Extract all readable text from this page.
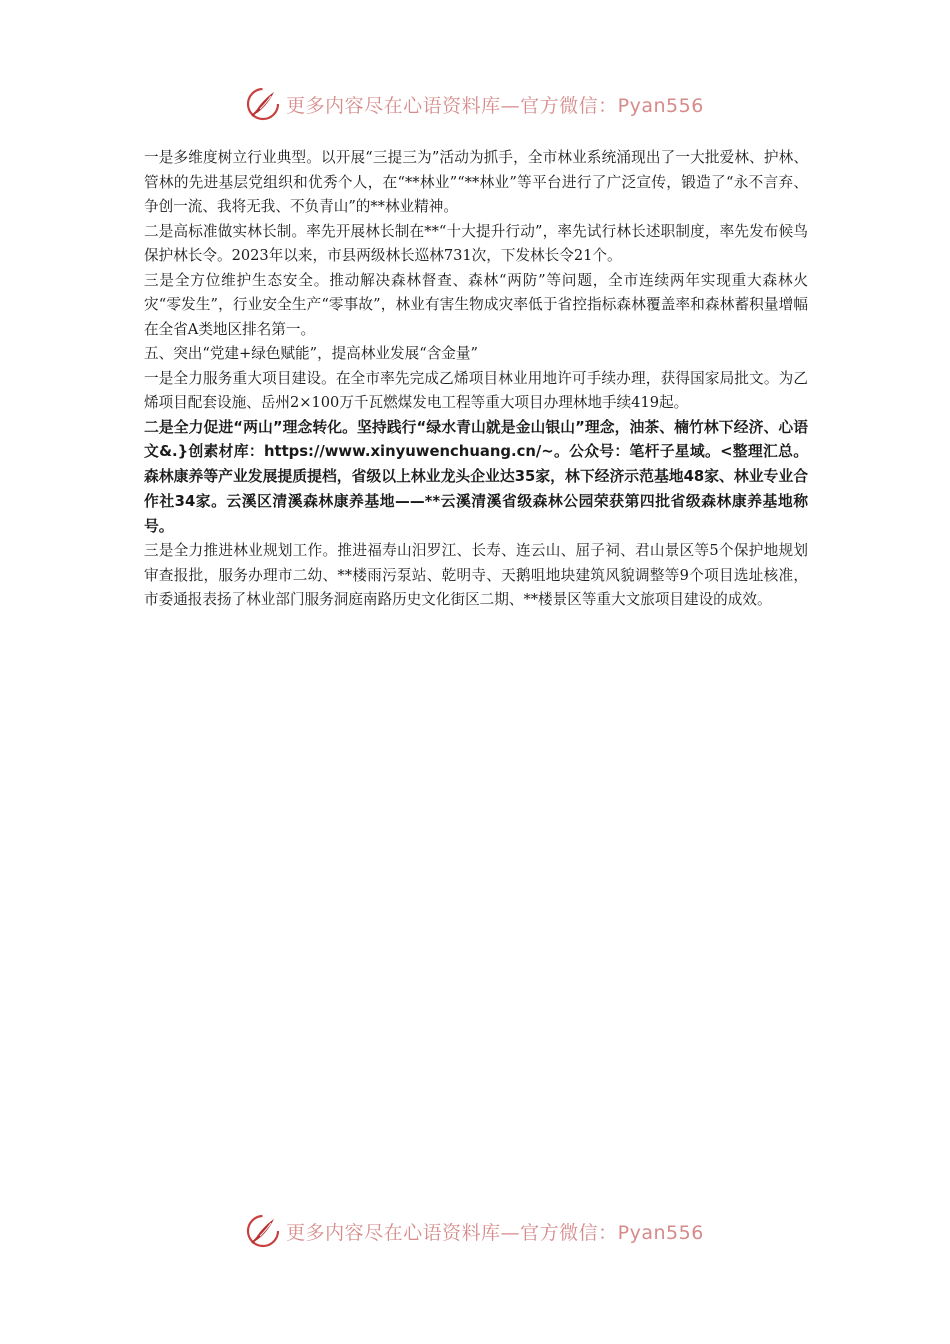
更多内容尽在心语资料库—官方微信：Pyan556

一是多维度树立行业典型。以开展“三提三为”活动为抓手，全市林业系统涌现出了一大批爱林、护林、管林的先进基层党组织和优秀个人，在“**林业”“**林业”等平台进行了广泛宣传，锻造了“永不言弃、争创一流、我将无我、不负青山”的**林业精神。

二是高标准做实林长制。率先开展林长制在**“十大提升行动”，率先试行林长述职制度，率先发布候鸟保护林长令。2023年以来，市县两级林长巡林731次，下发林长令21个。

三是全方位维护生态安全。推动解决森林督查、森林“两防”等问题，全市连续两年实现重大森林火灾“零发生”，行业安全生产“零事故”，林业有害生物成灾率低于省控指标森林覆盖率和森林蓄积量增幅在全省A类地区排名第一。

五、突出“党建+绿色赋能”，提高林业发展“含金量”

一是全力服务重大项目建设。在全市率先完成乙烯项目林业用地许可手续办理，获得国家局批文。为乙烯项目配套设施、岳州2×100万千瓦燃煤发电工程等重大项目办理林地手续419起。

二是全力促进“两山”理念转化。坚持践行“绿水青山就是金山银山”理念，油茶、楠竹林下经济、心语文&.}创素材库：https://www.xinyuwenchuang.cn/~。公众号：笔杆子星域。<整理汇总。森林康养等产业发展提质提档，省级以上林业龙头企业达35家，林下经济示范基地48家、林业专业合作社34家。云溪区清溪森林康养基地——**云溪清溪省级森林公园荣获第四批省级森林康养基地称号。

三是全力推进林业规划工作。推进福寿山汨罗江、长寿、连云山、屈子祠、君山景区等5个保护地规划审查报批，服务办理市二幼、**楼雨污泵站、乾明寺、天鹅咀地块建筑风貌调整等9个项目选址核准，市委通报表扬了林业部门服务洞庭南路历史文化街区二期、**楼景区等重大文旅项目建设的成效。

更多内容尽在心语资料库—官方微信：Pyan556
